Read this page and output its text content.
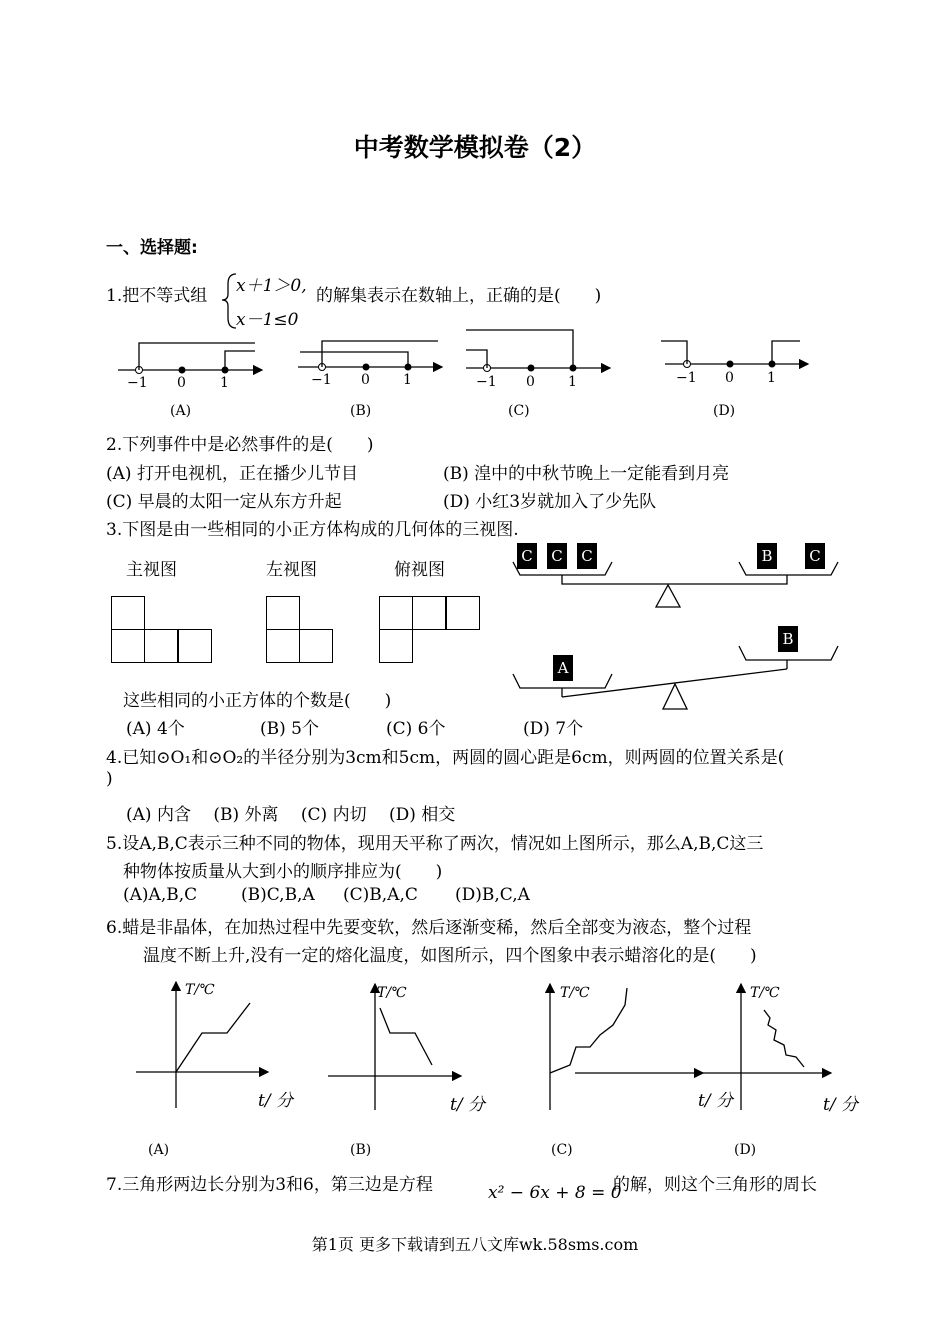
中考数学模拟卷（2）
一、选择题:
1.把不等式组 x＋1＞0,
x－1≤0
的解集表示在数轴上，正确的是(　　)
−1 0 1	−1 0 1	−1 0 1	−1 0 1
(A)	(B)	(C)	(D)
2.下列事件中是必然事件的是(　　)
(A) 打开电视机，正在播少儿节目	(B) 湟中的中秋节晚上一定能看到月亮
(C) 早晨的太阳一定从东方升起	(D) 小红3岁就加入了少先队
3.下图是由一些相同的小正方体构成的几何体的三视图.
主视图	左视图	俯视图
这些相同的小正方体的个数是(　　)
(A) 4个	(B) 5个	(C) 6个	(D) 7个
C C C	B C
A
B
4.已知⊙O₁和⊙O₂的半径分别为3cm和5cm，两圆的圆心距是6cm，则两圆的位置关系是(
)
(A) 内含　 (B) 外离　 (C) 内切　 (D) 相交
5.设A,B,C表示三种不同的物体，现用天平称了两次，情况如上图所示，那么A,B,C这三
种物体按质量从大到小的顺序排应为(　　)
(A)A,B,C	(B)C,B,A (C)B,A,C (D)B,C,A
6.蜡是非晶体，在加热过程中先要变软，然后逐渐变稀，然后全部变为液态，整个过程
温度不断上升,没有一定的熔化温度，如图所示，四个图象中表示蜡溶化的是(　　)
T/℃	T/℃	T/℃	T/℃
t/ 分	t/ 分	t/ 分	t/ 分
(A)	(B)	(C)	(D)
7.三角形两边长分别为3和6，第三边是方程	x² − 6x + 8 = 0
的解，则这个三角形的周长
第1页 更多下载请到五八文库wk.58sms.com
